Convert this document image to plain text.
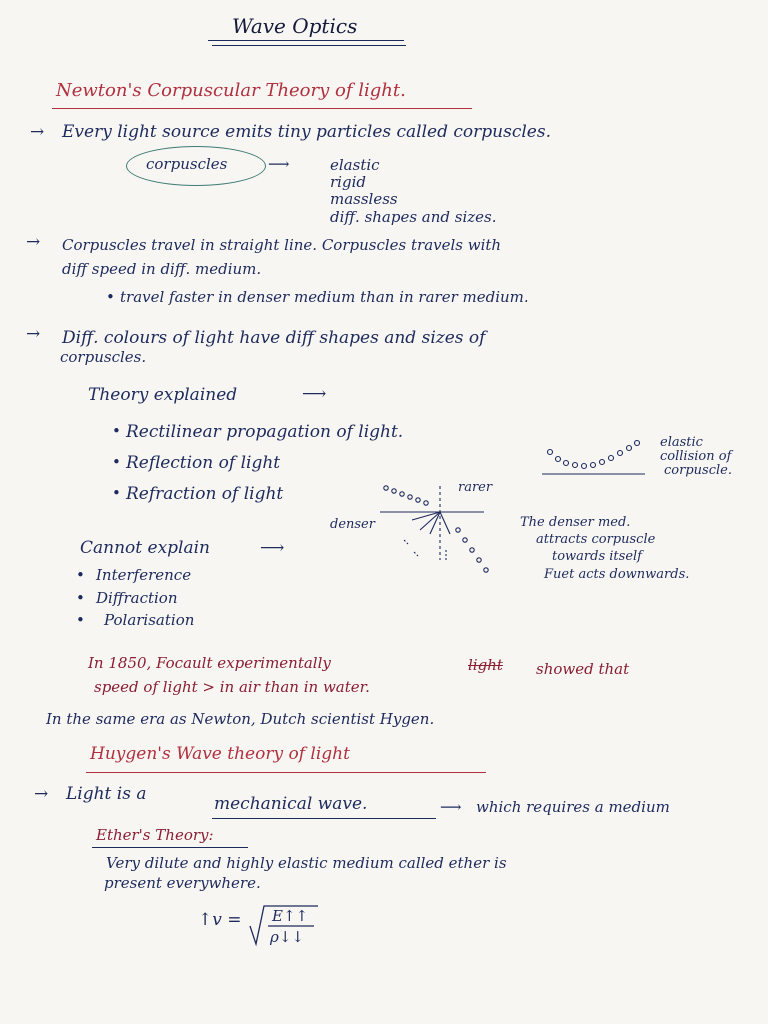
Wave Optics
Newton's Corpuscular Theory of light.
→ Every light source emits tiny particles called corpuscles.
corpuscles	⟶	elastic
rigid
massless
diff. shapes and sizes.
→ Corpuscles travel in straight line. Corpuscles travels with
diff speed in diff. medium.
• travel faster in denser medium than in rarer medium.
→ Diff. colours of light have diff shapes and sizes of
corpuscles.
Theory explained	⟶
• Rectilinear propagation of light.
• Reflection of light
• Refraction of light
elastic
collision of
corpuscle.
rarer
denser	The denser med.
attracts corpuscle
towards itself
Fuet acts downwards.
Cannot explain	⟶
• Interference
• Diffraction
• Polarisation
In 1850, Focault experimentally	light showed that
speed of light > in air than in water.
In the same era as Newton, Dutch scientist Hygen.
Huygen's Wave theory of light
→ Light is a	mechanical wave.	⟶ which requires a medium
Ether's Theory:
Very dilute and highly elastic medium called ether is
present everywhere.
↑v = E↑↑
ρ↓↓
